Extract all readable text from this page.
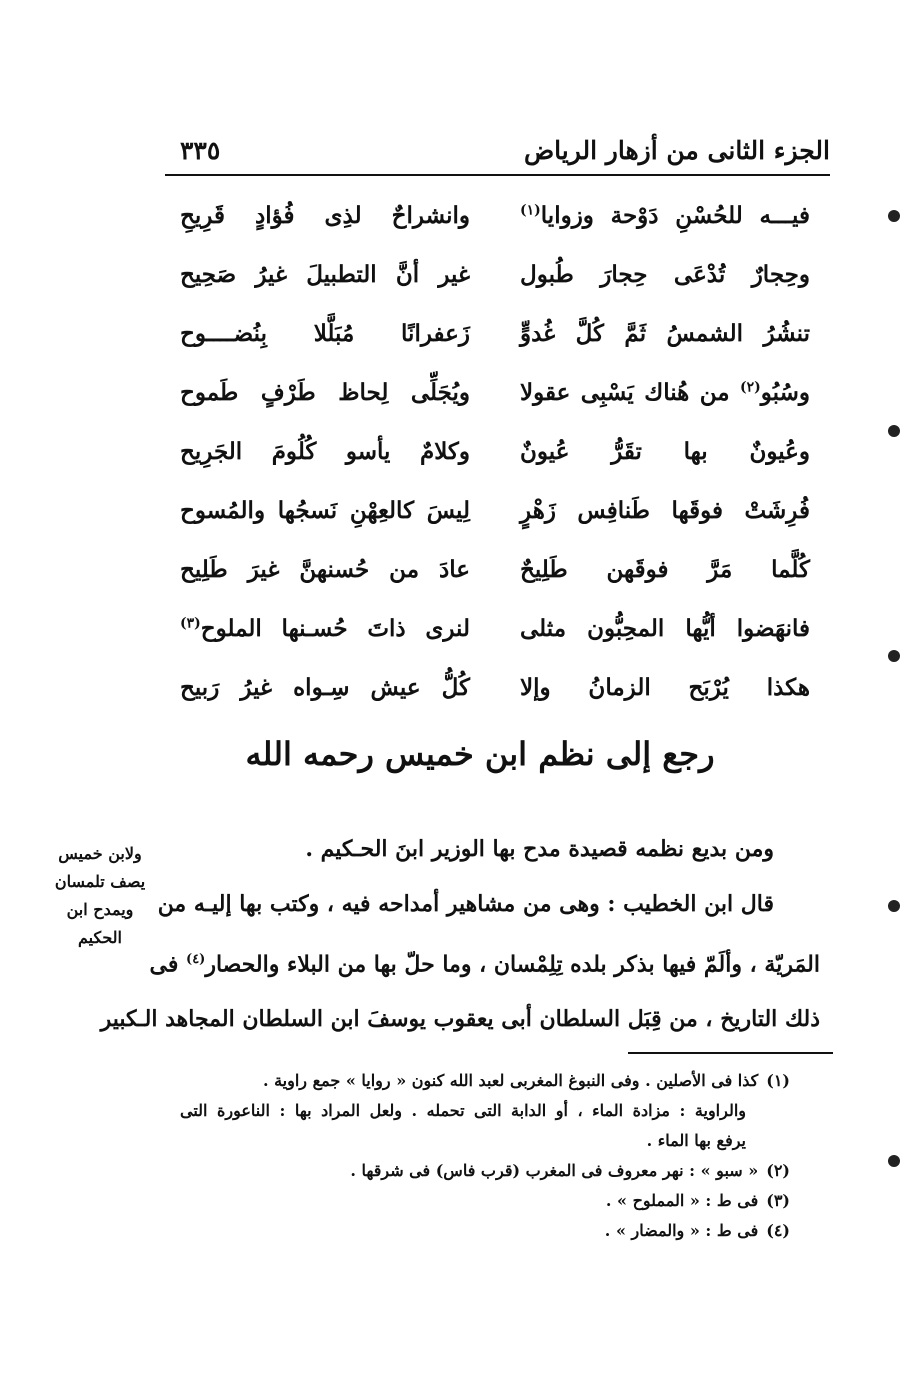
الجزء الثانى من أزهار الرياض
٣٣٥
فيـــه للحُسْنِ دَوْحة وزوايا$^{(١)}$
وانشراحٌ لذِى فُؤادٍ قَرِيحِ
وحِجارٌ تُدْعَى حِجارَ طُبول
غير أنَّ التطبيلَ غيرُ صَحِيح
تنشُرُ الشمسُ ثَمَّ كُلَّ غُدوٍّ
زَعفرانًا مُبَلَّلا بِنُضــــوح
وسُبُو$^{(٢)}$ من هُناك يَسْبِى عقولا
ويُجَلِّى لِحاظ طَرْفٍ طَموح
وعُيونٌ بها تقَرُّ عُيونٌ
وكلامٌ يأسو كُلُومَ الجَرِيح
فُرِشَتْ فوقَها طَنافِس زَهْرٍ
لِيسَ كالعِهْنِ نَسجُها والمُسوح
كُلَّما مَرَّ فوقَهن طَلِيحٌ
عادَ من حُسنهنَّ غيرَ طَلِيح
فانهَضوا أيُّها المحِبُّون مثلى
لنرى ذاتَ حُسـنها الملوح$^{(٣)}$
هكذا يُرْبَح الزمانُ وإلا
كُلُّ عيش سِـواه غيرُ رَبيح
رجع إلى نظم ابن خميس رحمه الله

ومن بديع نظمه قصيدة مدح بها الوزير ابنَ الحـكيم .

قال ابن الخطيب : وهى من مشاهير أمداحه فيه ، وكتب بها إليـه من

المَريّة ، وألَمّ فيها بذكر بلده تِلِمْسان ، وما حلّ بها من البلاء والحصار$^{(٤)}$ فى

ذلك التاريخ ، من قِبَل السلطان أبى يعقوب يوسفَ ابن السلطان المجاهد الـكبير

ولابن خميس
يصف تلمسان
ويمدح ابن
الحكيم
(١)كذا فى الأصلين . وفى النبوغ المغربى لعبد الله كنون « روايا » جمع راوية .
والراوية : مزادة الماء ، أو الدابة التى تحمله . ولعل المراد بها : الناعورة التى
يرفع بها الماء .
(٢)« سبو » : نهر معروف فى المغرب (قرب فاس) فى شرقها .
(٣)فى ط : « المملوح » .
(٤)فى ط : « والمضار » .
